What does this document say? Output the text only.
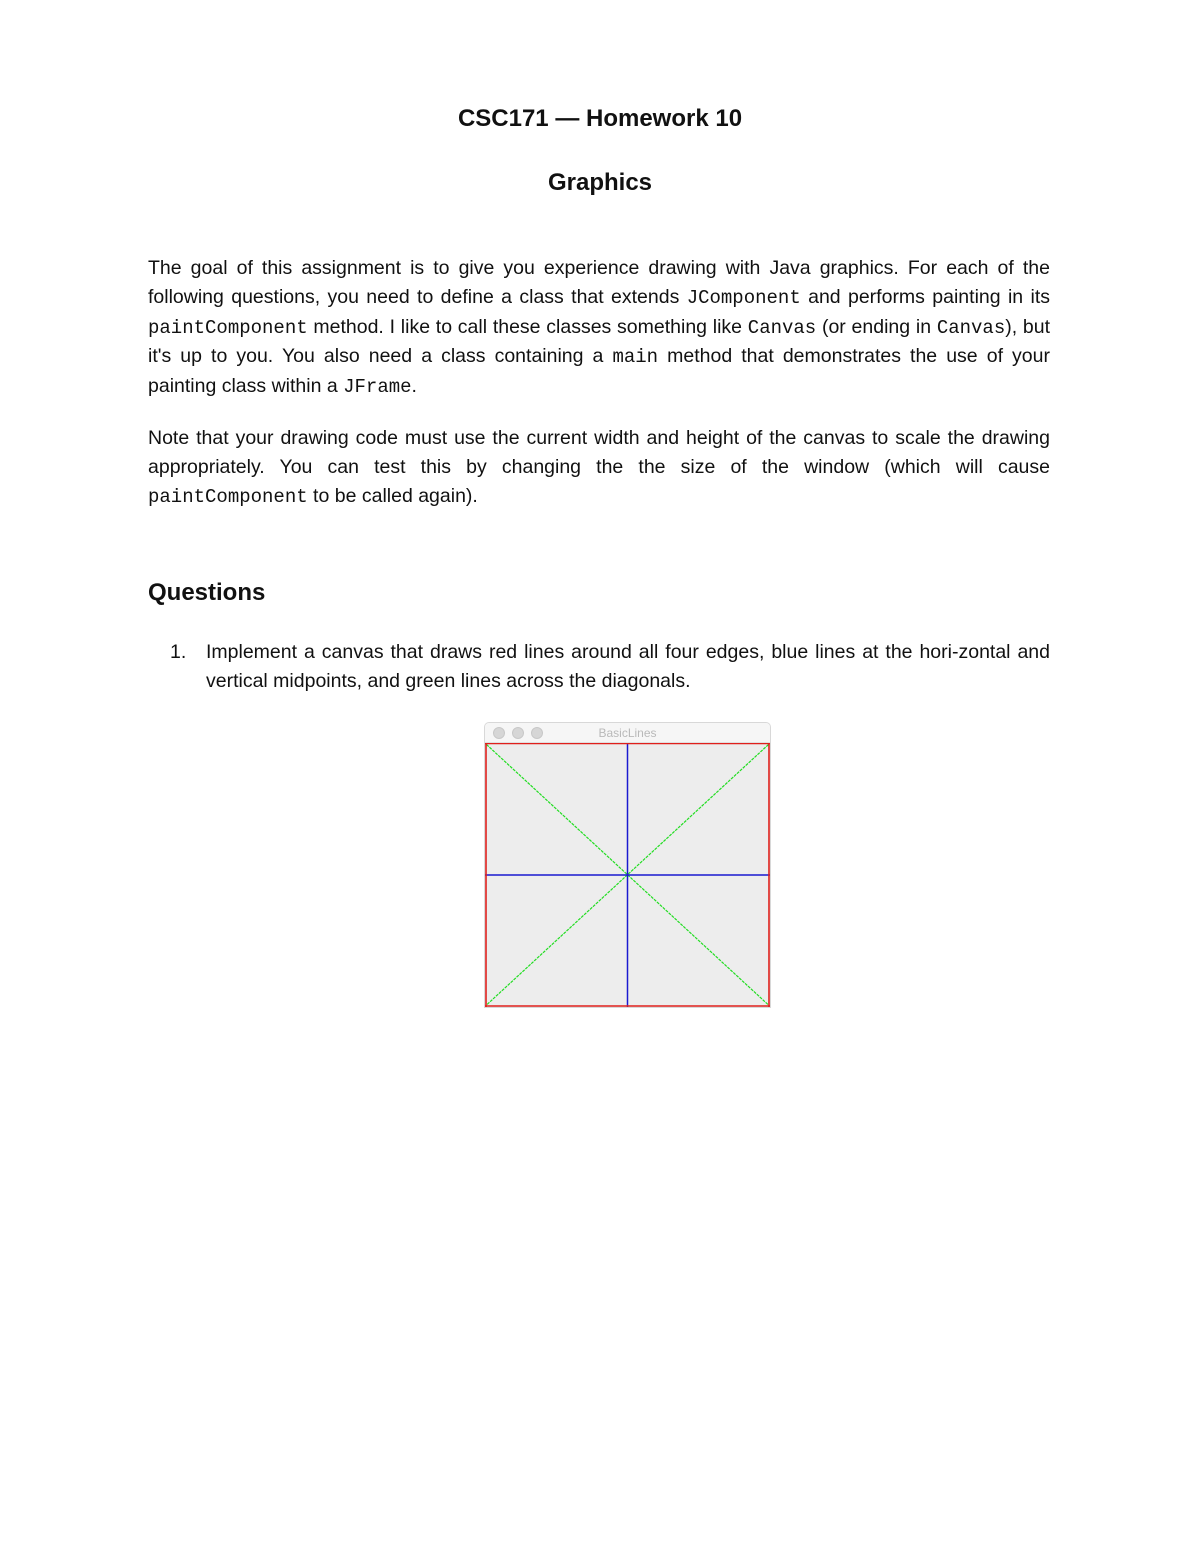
CSC171 — Homework 10
Graphics

The goal of this assignment is to give you experience drawing with Java graphics. For each of the following questions, you need to define a class that extends JComponent and performs painting in its paintComponent method. I like to call these classes something like Canvas (or ending in Canvas), but it's up to you. You also need a class containing a main method that demonstrates the use of your painting class within a JFrame.

Note that your drawing code must use the current width and height of the canvas to scale the drawing appropriately. You can test this by changing the the size of the window (which will cause paintComponent to be called again).

Questions
1. Implement a canvas that draws red lines around all four edges, blue lines at the hori-zontal and vertical midpoints, and green lines across the diagonals.
BasicLines
